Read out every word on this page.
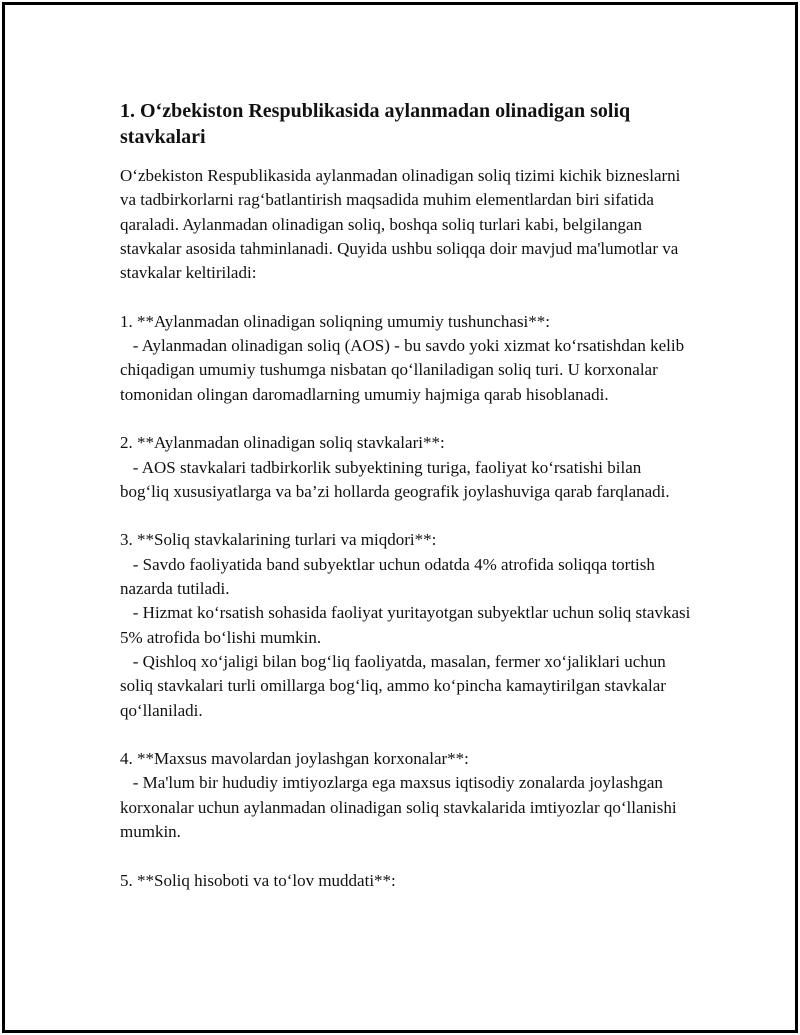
1. O‘zbekiston Respublikasida aylanmadan olinadigan soliq stavkalari

O‘zbekiston Respublikasida aylanmadan olinadigan soliq tizimi kichik bizneslarni va tadbirkorlarni rag‘batlantirish maqsadida muhim elementlardan biri sifatida qaraladi. Aylanmadan olinadigan soliq, boshqa soliq turlari kabi, belgilangan stavkalar asosida tahminlanadi. Quyida ushbu soliqqa doir mavjud ma'lumotlar va stavkalar keltiriladi:

1. **Aylanmadan olinadigan soliqning umumiy tushunchasi**:

- Aylanmadan olinadigan soliq (AOS) - bu savdo yoki xizmat ko‘rsatishdan kelib chiqadigan umumiy tushumga nisbatan qo‘llaniladigan soliq turi. U korxonalar tomonidan olingan daromadlarning umumiy hajmiga qarab hisoblanadi.

2. **Aylanmadan olinadigan soliq stavkalari**:

- AOS stavkalari tadbirkorlik subyektining turiga, faoliyat ko‘rsatishi bilan bog‘liq xususiyatlarga va ba’zi hollarda geografik joylashuviga qarab farqlanadi.

3. **Soliq stavkalarining turlari va miqdori**:

- Savdo faoliyatida band subyektlar uchun odatda 4% atrofida soliqqa tortish nazarda tutiladi.

- Hizmat ko‘rsatish sohasida faoliyat yuritayotgan subyektlar uchun soliq stavkasi 5% atrofida bo‘lishi mumkin.

- Qishloq xo‘jaligi bilan bog‘liq faoliyatda, masalan, fermer xo‘jaliklari uchun soliq stavkalari turli omillarga bog‘liq, ammo ko‘pincha kamaytirilgan stavkalar qo‘llaniladi.

4. **Maxsus mavolardan joylashgan korxonalar**:

- Ma'lum bir hududiy imtiyozlarga ega maxsus iqtisodiy zonalarda joylashgan korxonalar uchun aylanmadan olinadigan soliq stavkalarida imtiyozlar qo‘llanishi mumkin.

5. **Soliq hisoboti va to‘lov muddati**:
